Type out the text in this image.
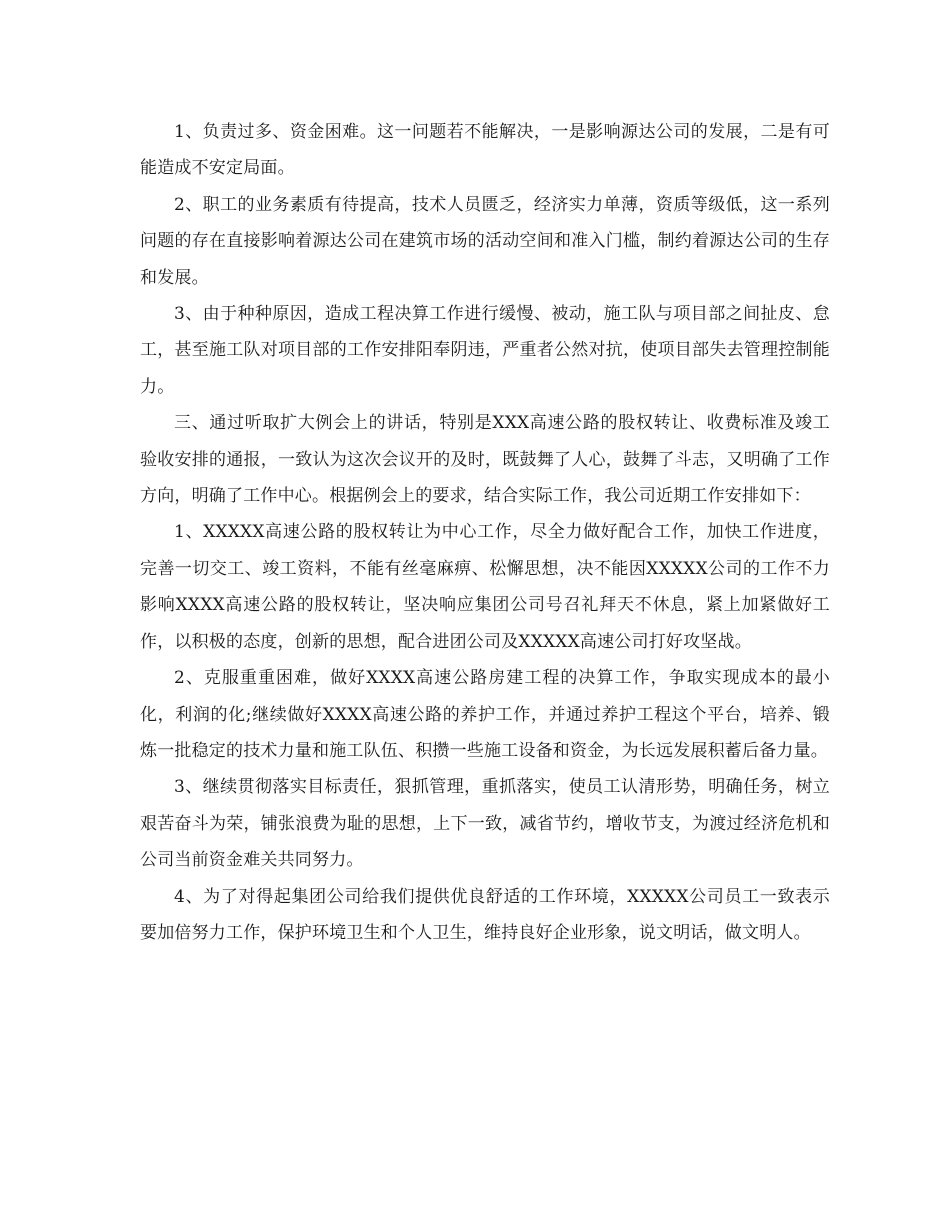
1、负责过多、资金困难。这一问题若不能解决，一是影响源达公司的发展，二是有可能造成不安定局面。

2、职工的业务素质有待提高，技术人员匮乏，经济实力单薄，资质等级低，这一系列问题的存在直接影响着源达公司在建筑市场的活动空间和准入门槛，制约着源达公司的生存和发展。

3、由于种种原因，造成工程决算工作进行缓慢、被动，施工队与项目部之间扯皮、怠工，甚至施工队对项目部的工作安排阳奉阴违，严重者公然对抗，使项目部失去管理控制能力。

三、通过听取扩大例会上的讲话，特别是XXX高速公路的股权转让、收费标准及竣工验收安排的通报，一致认为这次会议开的及时，既鼓舞了人心，鼓舞了斗志，又明确了工作方向，明确了工作中心。根据例会上的要求，结合实际工作，我公司近期工作安排如下：

1、XXXXX高速公路的股权转让为中心工作，尽全力做好配合工作，加快工作进度，完善一切交工、竣工资料，不能有丝毫麻痹、松懈思想，决不能因XXXXX公司的工作不力影响XXXX高速公路的股权转让，坚决响应集团公司号召礼拜天不休息，紧上加紧做好工作，以积极的态度，创新的思想，配合进团公司及XXXXX高速公司打好攻坚战。

2、克服重重困难，做好XXXX高速公路房建工程的决算工作，争取实现成本的最小化，利润的化;继续做好XXXX高速公路的养护工作，并通过养护工程这个平台，培养、锻炼一批稳定的技术力量和施工队伍、积攒一些施工设备和资金，为长远发展积蓄后备力量。

3、继续贯彻落实目标责任，狠抓管理，重抓落实，使员工认清形势，明确任务，树立艰苦奋斗为荣，铺张浪费为耻的思想，上下一致，减省节约，增收节支，为渡过经济危机和公司当前资金难关共同努力。

4、为了对得起集团公司给我们提供优良舒适的工作环境，XXXXX公司员工一致表示要加倍努力工作，保护环境卫生和个人卫生，维持良好企业形象，说文明话，做文明人。
